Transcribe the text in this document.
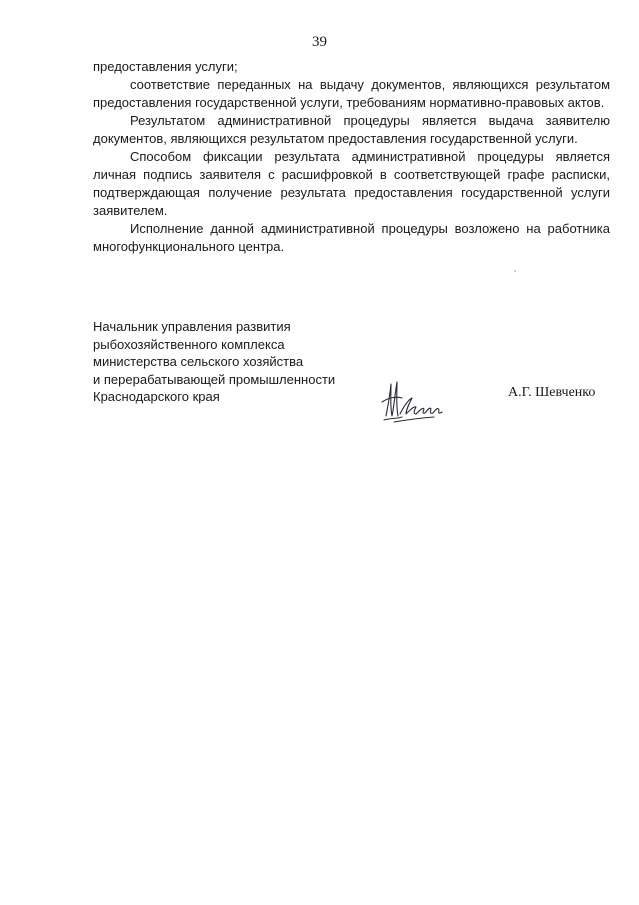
39

предоставления услуги;

соответствие переданных на выдачу документов, являющихся результатом предоставления государственной услуги, требованиям нормативно-правовых актов.

Результатом административной процедуры является выдача заявителю документов, являющихся результатом предоставления государственной услуги.

Способом фиксации результата административной процедуры является личная подпись заявителя с расшифровкой в соответствующей графе расписки, подтверждающая получение результата предоставления государственной услуги заявителем.

Исполнение данной административной процедуры возложено на работника многофункционального центра.

Начальник управления развития
рыбохозяйственного комплекса
министерства сельского хозяйства
и перерабатывающей промышленности
Краснодарского края	А.Г. Шевченко
